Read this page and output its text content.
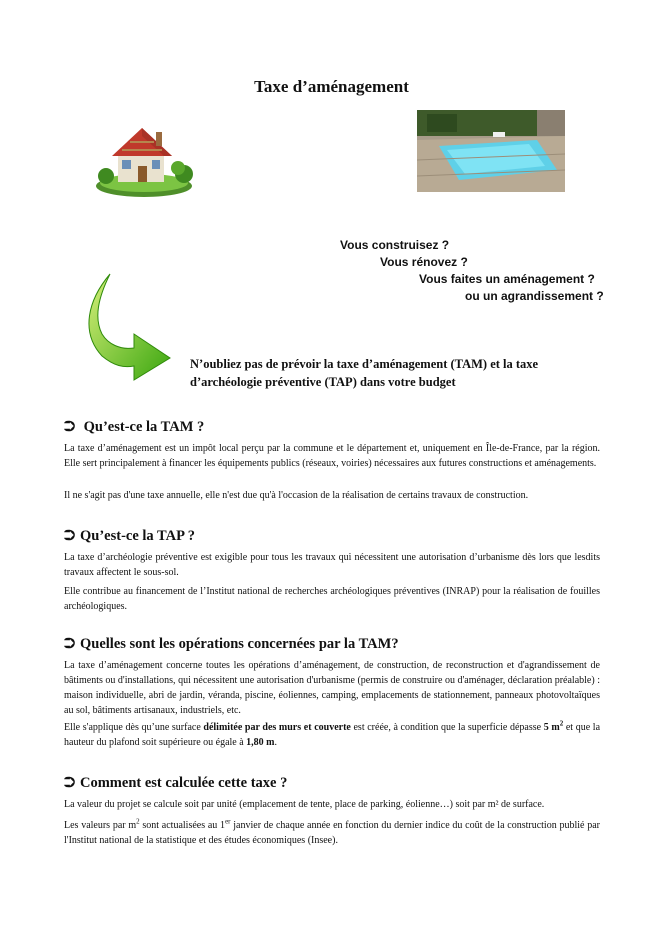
Taxe d’aménagement
Vous construisez ?
Vous rénovez ?
Vous faites un aménagement ?
ou un agrandissement ?
N’oubliez pas de prévoir la taxe d’aménagement (TAM) et la taxe d’archéologie préventive (TAP) dans votre budget
⮊ Qu’est-ce la TAM ?

La taxe d’aménagement est un impôt local perçu par la commune et le département et, uniquement en Île-de-France, par la région. Elle sert principalement à financer les équipements publics (réseaux, voiries) nécessaires aux futures constructions et aménagements.

Il ne s'agit pas d'une taxe annuelle, elle n'est due qu'à l'occasion de la réalisation de certains travaux de construction.

⮊ Qu’est-ce la TAP ?

La taxe d’archéologie préventive est exigible pour tous les travaux qui nécessitent une autorisation d’urbanisme dès lors que lesdits travaux affectent le sous-sol.

Elle contribue au financement de l’Institut national de recherches archéologiques préventives (INRAP) pour la réalisation de fouilles archéologiques.

⮊ Quelles sont les opérations concernées par la TAM?

La taxe d’aménagement concerne toutes les opérations d’aménagement, de construction, de reconstruction et d'agrandissement de bâtiments ou d'installations, qui nécessitent une autorisation d'urbanisme (permis de construire ou d'aménager, déclaration préalable) : maison individuelle, abri de jardin, véranda, piscine, éoliennes, camping, emplacements de stationnement, panneaux photovoltaïques au sol, bâtiments artisanaux, industriels, etc.

Elle s'applique dès qu’une surface délimitée par des murs et couverte est créée, à condition que la superficie dépasse 5 $m^2$ et que la hauteur du plafond soit supérieure ou égale à 1,80 m.

⮊ Comment est calculée cette taxe ?

La valeur du projet se calcule soit par unité (emplacement de tente, place de parking, éolienne…) soit par m² de surface.

Les valeurs par $m^2$ sont actualisées au 1er janvier de chaque année en fonction du dernier indice du coût de la construction publié par l'Institut national de la statistique et des études économiques (Insee).
